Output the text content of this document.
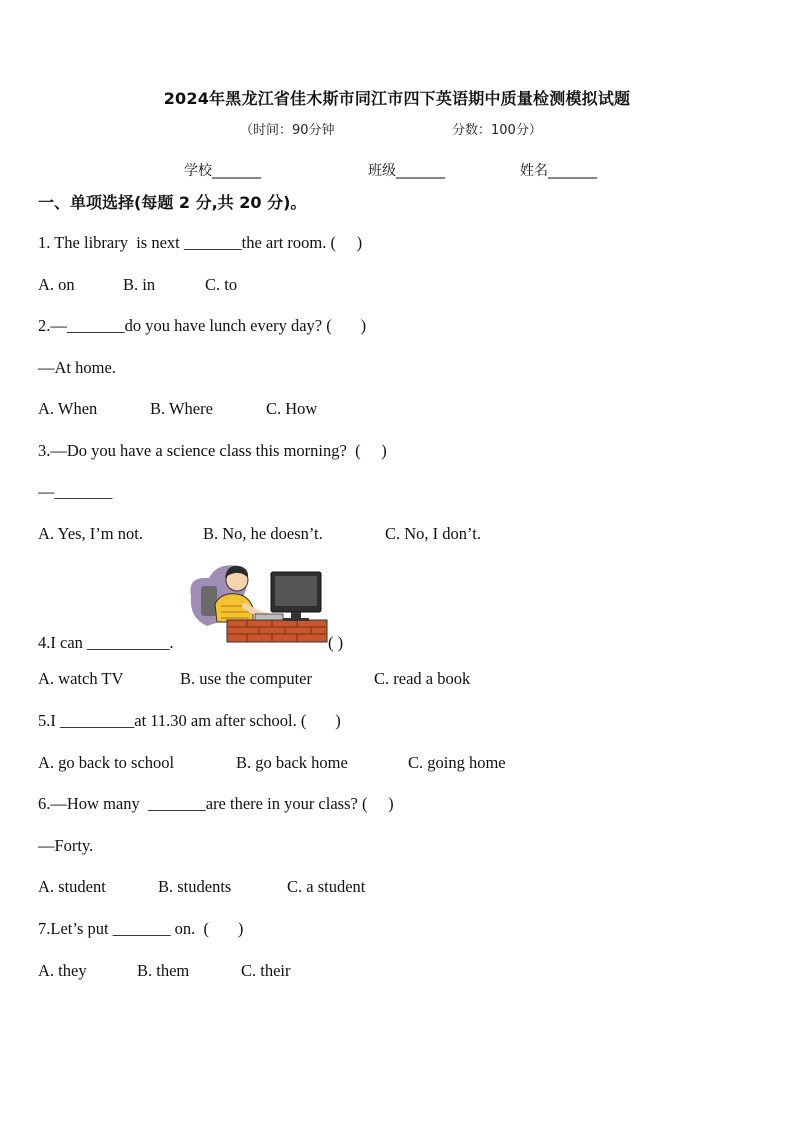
2024年黑龙江省佳木斯市同江市四下英语期中质量检测模拟试题
（时间：90分钟	分数：100分）
学校_______	班级_______	姓名_______
一、单项选择(每题 2 分,共 20 分)。
1. The library  is next _______the art room. (     )
A. on	B. in	C. to
2.—_______do you have lunch every day? (       )
—At home.
A. When	B. Where	C. How
3.—Do you have a science class this morning?  (     )
—_______
A. Yes, I’m not.	B. No, he doesn’t.	C. No, I don’t.
4.I can __________.	( )
A. watch TV	B. use the computer	C. read a book
5.I _________at 11.30 am after school. (       )
A. go back to school	B. go back home	C. going home
6.—How many  _______are there in your class? (     )
—Forty.
A. student	B. students	C. a student
7.Let’s put _______ on.  (       )
A. they	B. them	C. their
